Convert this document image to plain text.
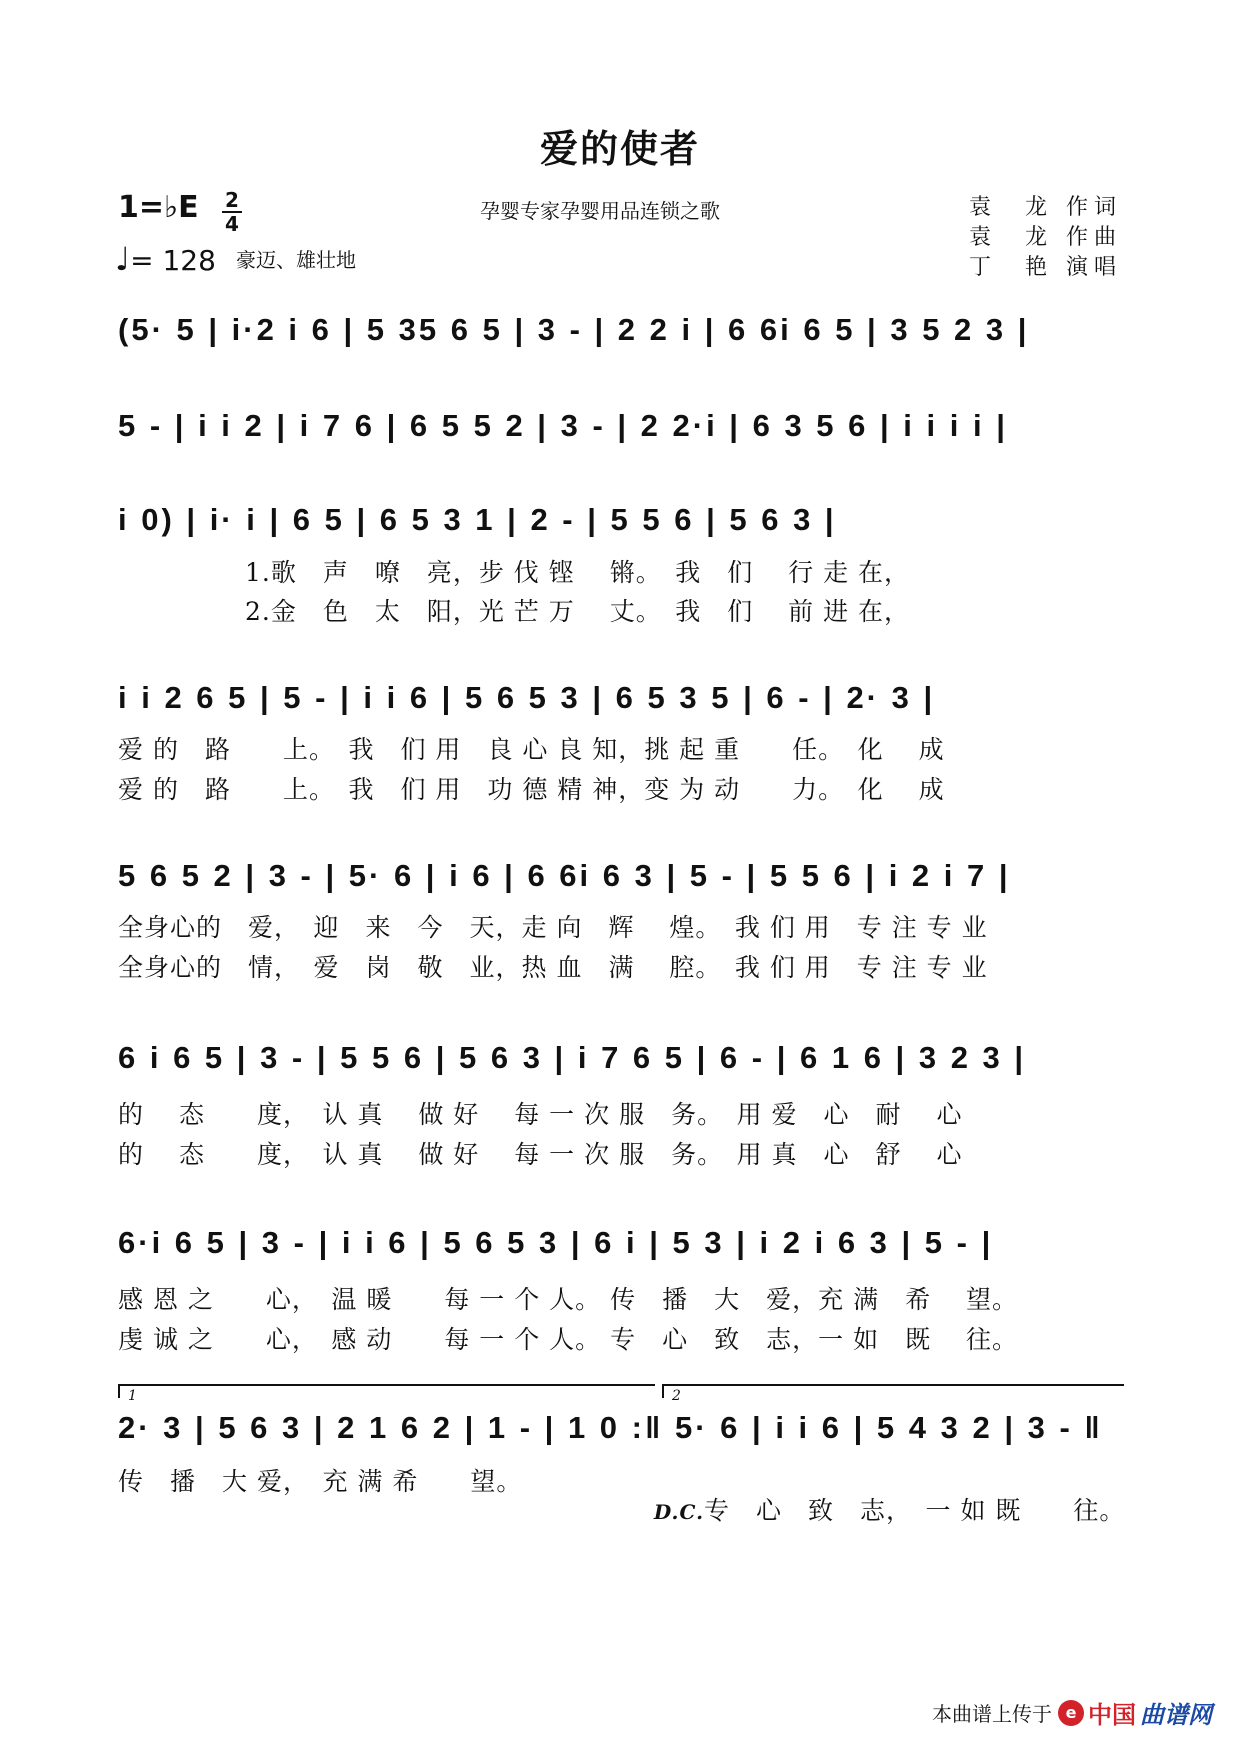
爱的使者
孕婴专家孕婴用品连锁之歌
1=♭E 2
4
♩= 128 豪迈、雄壮地
袁　龙 作词
袁　龙 作曲
丁　艳 演唱
(5· 5 | i·2 i 6 | 5 35 6 5 | 3 - | 2 2 i | 6 6i 6 5 | 3 5 2 3 |
5 - | i i 2 | i 7 6 | 6 5 5 2 | 3 - | 2 2·i | 6 3 5 6 | i i i i |
i 0) | i· i | 6 5 | 6 5 3 1 | 2 - | 5 5 6 | 5 6 3 |
1.歌　声　嘹　亮，步 伐 铿　 锵。　我　们　 行 走 在，
2.金　色　太　阳，光 芒 万　 丈。　我　们　 前 进 在，
i i 2 6 5 | 5 - | i i 6 | 5 6 5 3 | 6 5 3 5 | 6 - | 2· 3 |
爱 的　路　　上。　我　们 用　良 心 良 知，挑 起 重　　任。　化　 成
爱 的　路　　上。　我　们 用　功 德 精 神，变 为 动　　力。　化　 成
5 6 5 2 | 3 - | 5· 6 | i 6 | 6 6i 6 3 | 5 - | 5 5 6 | i 2 i 7 |
全身心的　爱，　迎　来　今　天，走 向　辉　 煌。　我 们 用　专 注 专 业
全身心的　情，　爱　岗　敬　业，热 血　满　 腔。　我 们 用　专 注 专 业
6 i 6 5 | 3 - | 5 5 6 | 5 6 3 | i 7 6 5 | 6 - | 6 1 6 | 3 2 3 |
的　 态　　度，　认 真　 做 好　 每 一 次 服　务。　用 爱　心　耐　 心
的　 态　　度，　认 真　 做 好　 每 一 次 服　务。　用 真　心　舒　 心
6·i 6 5 | 3 - | i i 6 | 5 6 5 3 | 6 i | 5 3 | i 2 i 6 3 | 5 - |
感 恩 之　　心，　温 暖　　每 一 个 人。 传　播　大　爱，充 满　希　 望。
虔 诚 之　　心，　感 动　　每 一 个 人。 专　心　致　志，一 如　既　 往。
1	2
2· 3 | 5 6 3 | 2 1 6 2 | 1 - | 1 0 :‖ 5· 6 | i i 6 | 5 4 3 2 | 3 - ‖
传　播　大 爱，　充 满 希　　望。

D.C.专　心　致　志，　一 如 既　　往。

本曲谱上传于 e 中国 曲谱网
